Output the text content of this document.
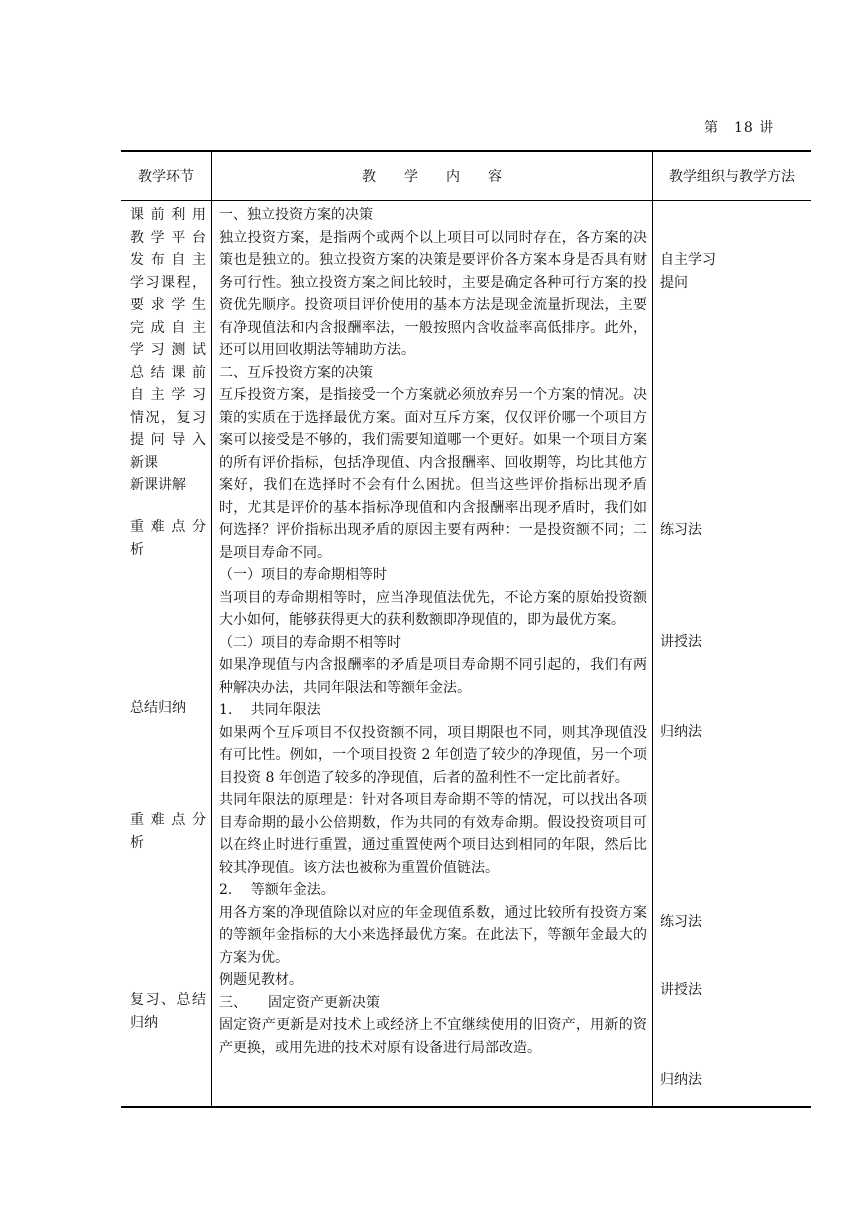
第　18 讲
教学环节	教　　学　　内　　容	教学组织与教学方法
课前利用
教学平台
发布自主
学习课程，
要求学生
完成自主
学习测试
总结课前
自主学习
情况，复习
提问导入
新课
新课讲解
重难点分
析
总结归纳
重难点分
析
复习、总结
归纳

一、独立投资方案的决策

独立投资方案，是指两个或两个以上项目可以同时存在，各方案的决策也是独立的。独立投资方案的决策是要评价各方案本身是否具有财务可行性。独立投资方案之间比较时，主要是确定各种可行方案的投资优先顺序。投资项目评价使用的基本方法是现金流量折现法，主要有净现值法和内含报酬率法，一般按照内含收益率高低排序。此外，还可以用回收期法等辅助方法。

二、互斥投资方案的决策

互斥投资方案，是指接受一个方案就必须放弃另一个方案的情况。决策的实质在于选择最优方案。面对互斥方案，仅仅评价哪一个项目方案可以接受是不够的，我们需要知道哪一个更好。如果一个项目方案的所有评价指标，包括净现值、内含报酬率、回收期等，均比其他方案好，我们在选择时不会有什么困扰。但当这些评价指标出现矛盾时，尤其是评价的基本指标净现值和内含报酬率出现矛盾时，我们如何选择？评价指标出现矛盾的原因主要有两种：一是投资额不同；二是项目寿命不同。

（一）项目的寿命期相等时

当项目的寿命期相等时，应当净现值法优先，不论方案的原始投资额大小如何，能够获得更大的获利数额即净现值的，即为最优方案。

（二）项目的寿命期不相等时

如果净现值与内含报酬率的矛盾是项目寿命期不同引起的，我们有两种解决办法，共同年限法和等额年金法。

1.　 共同年限法

如果两个互斥项目不仅投资额不同，项目期限也不同，则其净现值没有可比性。例如，一个项目投资 2 年创造了较少的净现值，另一个项目投资 8 年创造了较多的净现值，后者的盈利性不一定比前者好。

共同年限法的原理是：针对各项目寿命期不等的情况，可以找出各项目寿命期的最小公倍期数，作为共同的有效寿命期。假设投资项目可以在终止时进行重置，通过重置使两个项目达到相同的年限，然后比较其净现值。该方法也被称为重置价值链法。

2.　 等额年金法。

用各方案的净现值除以对应的年金现值系数，通过比较所有投资方案的等额年金指标的大小来选择最优方案。在此法下，等额年金最大的方案为优。

例题见教材。

三、　　固定资产更新决策

固定资产更新是对技术上或经济上不宜继续使用的旧资产，用新的资产更换，或用先进的技术对原有设备进行局部改造。

自主学习
提问
练习法
讲授法
归纳法
练习法
讲授法
归纳法
